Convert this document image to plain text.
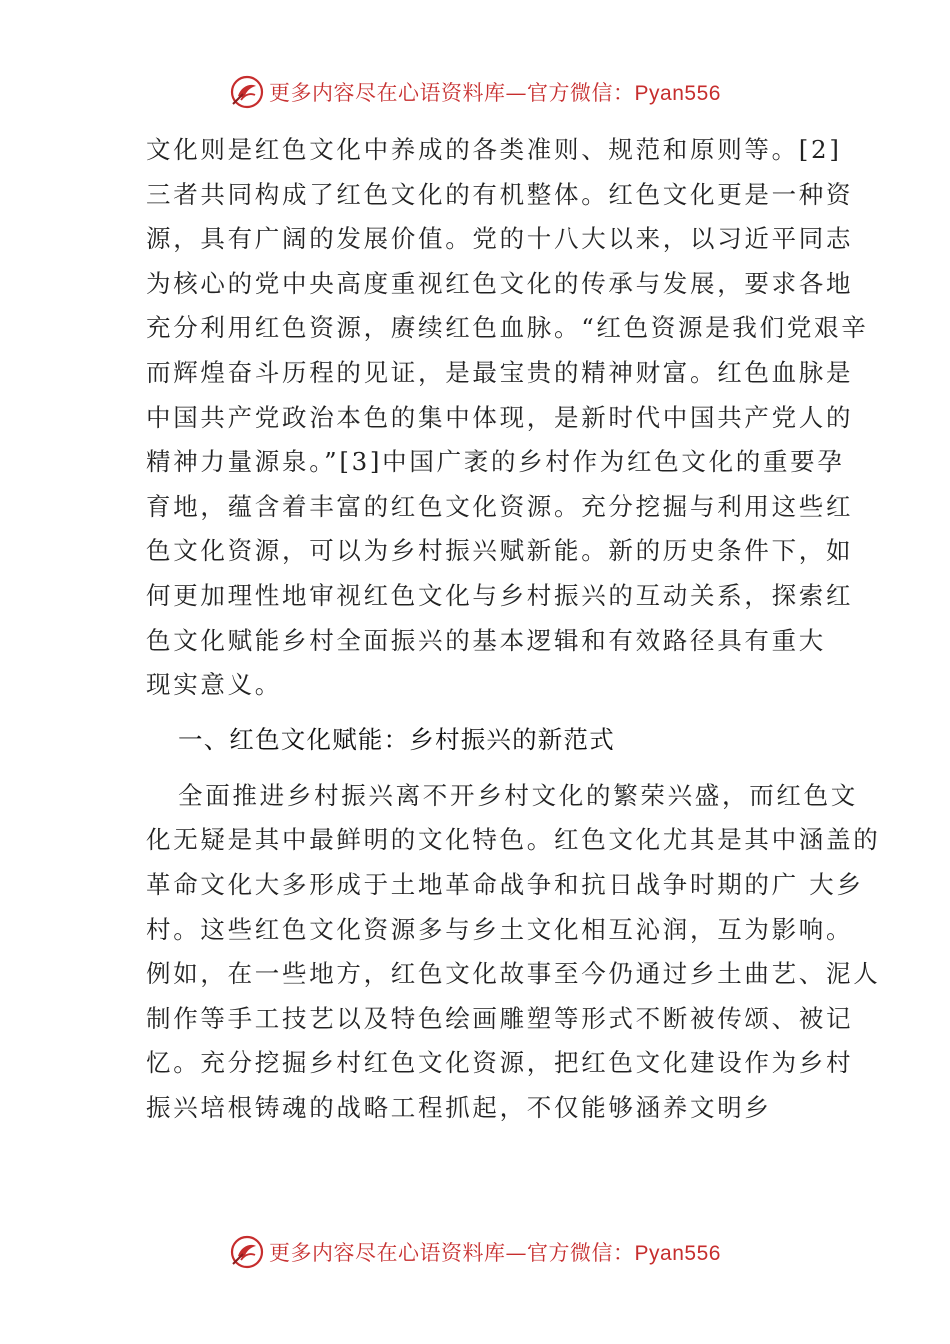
更多内容尽在心语资料库—官方微信：Pyan556
文化则是红色文化中养成的各类准则、规范和原则等。[2]
三者共同构成了红色文化的有机整体。红色文化更是一种资
源，具有广阔的发展价值。党的十八大以来，以习近平同志
为核心的党中央高度重视红色文化的传承与发展，要求各地
充分利用红色资源，赓续红色血脉。“红色资源是我们党艰辛
而辉煌奋斗历程的见证，是最宝贵的精神财富。红色血脉是
中国共产党政治本色的集中体现，是新时代中国共产党人的
精神力量源泉。”[3]中国广袤的乡村作为红色文化的重要孕
育地，蕴含着丰富的红色文化资源。充分挖掘与利用这些红
色文化资源，可以为乡村振兴赋新能。新的历史条件下，如
何更加理性地审视红色文化与乡村振兴的互动关系，探索红
色文化赋能乡村全面振兴的基本逻辑和有效路径具有重大
现实意义。
一、红色文化赋能：乡村振兴的新范式
全面推进乡村振兴离不开乡村文化的繁荣兴盛，而红色文
化无疑是其中最鲜明的文化特色。红色文化尤其是其中涵盖的
革命文化大多形成于土地革命战争和抗日战争时期的广 大乡
村。这些红色文化资源多与乡土文化相互沁润，互为影响。
例如，在一些地方，红色文化故事至今仍通过乡土曲艺、泥人
制作等手工技艺以及特色绘画雕塑等形式不断被传颂、被记
忆。充分挖掘乡村红色文化资源，把红色文化建设作为乡村
振兴培根铸魂的战略工程抓起，不仅能够涵养文明乡
更多内容尽在心语资料库—官方微信：Pyan556
